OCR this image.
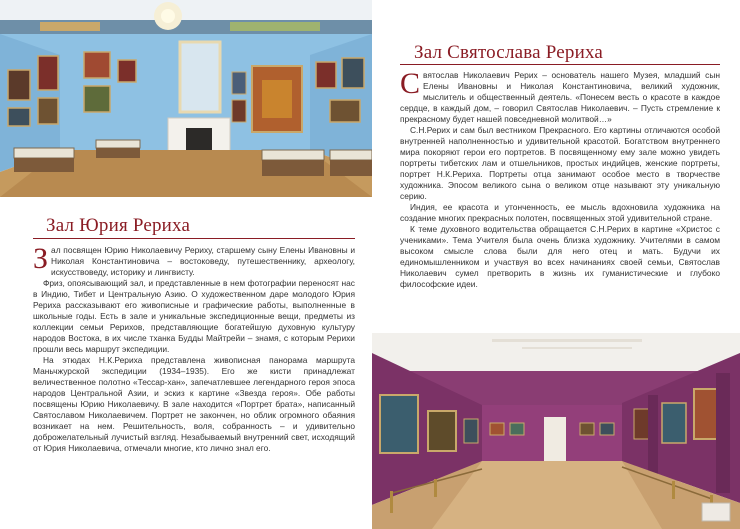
Зал Святослава Рериха

Святослав Николаевич Рерих – основатель нашего Музея, младший сын Елены Ивановны и Николая Константиновича, великий художник, мыслитель и общественный деятель. «Понесем весть о красоте в каждое сердце, в каждый дом, – говорил Святослав Николаевич. – Пусть стремление к прекрасному будет нашей повседневной молитвой…»

С.Н.Рерих и сам был вестником Прекрасного. Его картины отличаются особой внутренней наполненностью и удивительной красотой. Богатством внутреннего мира покоряют герои его портретов. В посвященному ему зале можно увидеть портреты тибетских лам и отшельников, простых индийцев, женские портреты, портрет Н.К.Рериха. Портреты отца занимают особое место в творчестве художника. Эпосом великого сына о великом отце называют эту уникальную серию.

Индия, ее красота и утонченность, ее мысль вдохновила художника на создание многих прекрасных полотен, посвященных этой удивительной стране.

К теме духовного водительства обращается С.Н.Рерих в картине «Христос с учениками». Тема Учителя была очень близка художнику. Учителями в самом высоком смысле слова были для него отец и мать. Будучи их единомышленником и участвуя во всех начинаниях своей семьи, Святослав Николаевич сумел претворить в жизнь их гуманистические и глубоко философские идеи.

Зал Юрия Рериха

Зал посвящен Юрию Николаевичу Рериху, старшему сыну Елены Ивановны и Николая Константиновича – востоковеду, путешественнику, археологу, искусствоведу, историку и лингвисту.

Фриз, опоясывающий зал, и представленные в нем фотографии переносят нас в Индию, Тибет и Центральную Азию. О художественном даре молодого Юрия Рериха рассказывают его живописные и графические работы, выполненные в школьные годы. Есть в зале и уникальные экспедиционные вещи, предметы из коллекции семьи Рерихов, представляющие богатейшую духовную культуру народов Востока, в их числе тханка Будды Майтрейи – знамя, с которым Рерихи прошли весь маршрут экспедиции.

На этюдах Н.К.Рериха представлена живописная панорама маршрута Маньчжурской экспедиции (1934–1935). Его же кисти принадлежат величественное полотно «Тессар-хан», запечатлевшее легендарного героя эпоса народов Центральной Азии, и эскиз к картине «Звезда героя». Обе работы посвящены Юрию Николаевичу. В зале находится «Портрет брата», написанный Святославом Николаевичем. Портрет не закончен, но облик огромного обаяния возникает на нем. Решительность, воля, собранность – и удивительно доброжелательный лучистый взгляд. Незабываемый внутренний свет, исходящий от Юрия Николаевича, отмечали многие, кто лично знал его.
